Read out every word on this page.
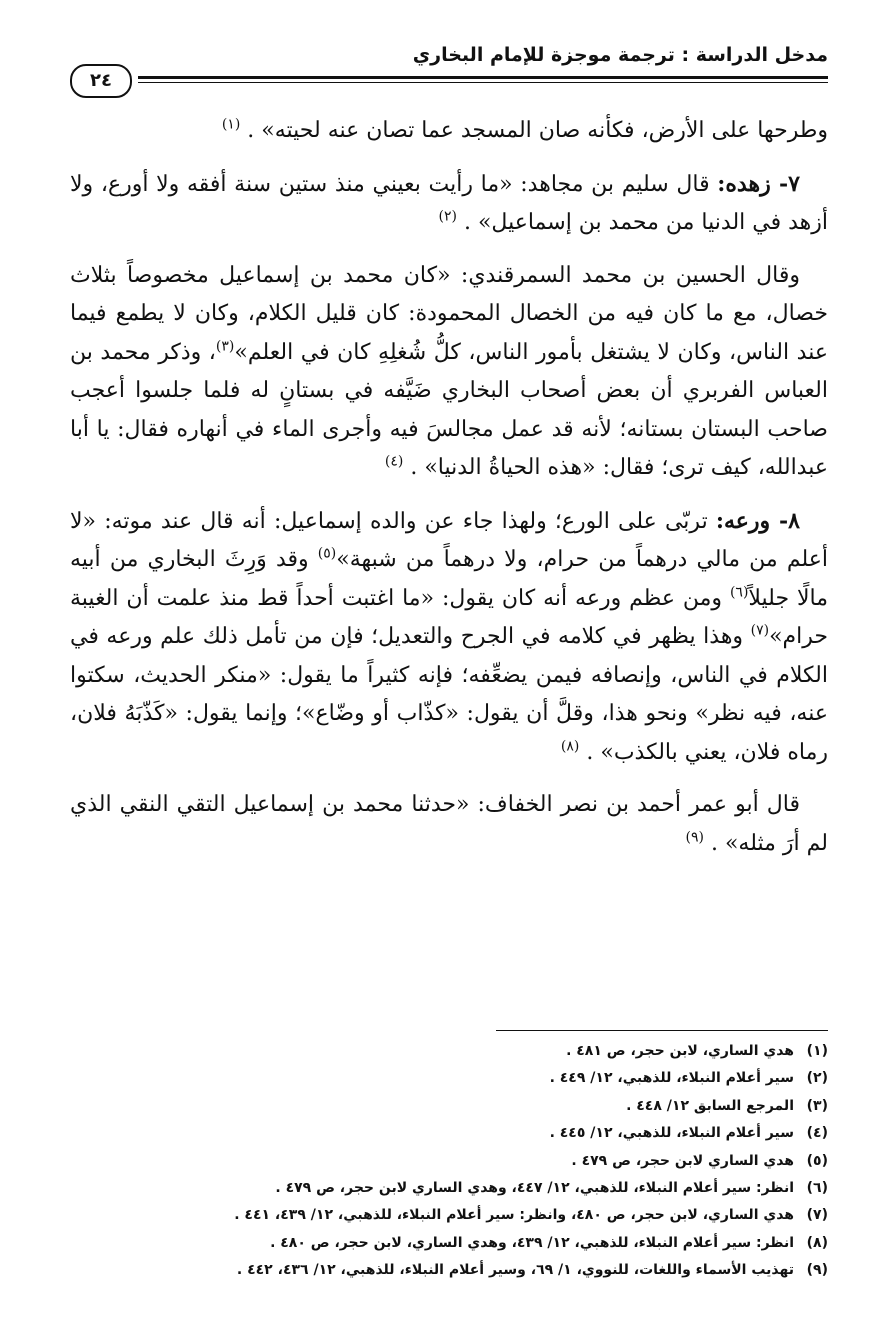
مدخل الدراسة : ترجمة موجزة للإمام البخاري
٢٤

وطرحها على الأرض، فكأنه صان المسجد عما تصان عنه لحيته» . $^{(١)}$

٧- زهده: قال سليم بن مجاهد: «ما رأيت بعيني منذ ستين سنة أفقه ولا أورع، ولا أزهد في الدنيا من محمد بن إسماعيل» . $^{(٢)}$

وقال الحسين بن محمد السمرقندي: «كان محمد بن إسماعيل مخصوصاً بثلاث خصال، مع ما كان فيه من الخصال المحمودة: كان قليل الكلام، وكان لا يطمع فيما عند الناس، وكان لا يشتغل بأمور الناس، كلُّ شُغلِهِ كان في العلم»$^{(٣)}$، وذكر محمد بن العباس الفربري أن بعض أصحاب البخاري ضَيَّفه في بستانٍ له فلما جلسوا أعجب صاحب البستان بستانه؛ لأنه قد عمل مجالسَ فيه وأجرى الماء في أنهاره فقال: يا أبا عبدالله، كيف ترى؛ فقال: «هذه الحياةُ الدنيا» . $^{(٤)}$

٨- ورعه: تربّى على الورع؛ ولهذا جاء عن والده إسماعيل: أنه قال عند موته: «لا أعلم من مالي درهماً من حرام، ولا درهماً من شبهة»$^{(٥)}$ وقد وَرِثَ البخاري من أبيه مالًا جليلاً$^{(٦)}$ ومن عظم ورعه أنه كان يقول: «ما اغتبت أحداً قط منذ علمت أن الغيبة حرام»$^{(٧)}$ وهذا يظهر في كلامه في الجرح والتعديل؛ فإن من تأمل ذلك علم ورعه في الكلام في الناس، وإنصافه فيمن يضعِّفه؛ فإنه كثيراً ما يقول: «منكر الحديث، سكتوا عنه، فيه نظر» ونحو هذا، وقلَّ أن يقول: «كذّاب أو وضّاع»؛ وإنما يقول: «كَذّبَهُ فلان، رماه فلان، يعني بالكذب» . $^{(٨)}$

قال أبو عمر أحمد بن نصر الخفاف: «حدثنا محمد بن إسماعيل التقي النقي الذي لم أرَ مثله» . $^{(٩)}$

(١)هدي الساري، لابن حجر، ص ٤٨١ .
(٢)سير أعلام النبلاء، للذهبي، ١٢/ ٤٤٩ .
(٣)المرجع السابق ١٢/ ٤٤٨ .
(٤)سير أعلام النبلاء، للذهبي، ١٢/ ٤٤٥ .
(٥)هدي الساري لابن حجر، ص ٤٧٩ .
(٦)انظر: سير أعلام النبلاء، للذهبي، ١٢/ ٤٤٧، وهدي الساري لابن حجر، ص ٤٧٩ .
(٧)هدي الساري، لابن حجر، ص ٤٨٠، وانظر: سير أعلام النبلاء، للذهبي، ١٢/ ٤٣٩، ٤٤١ .
(٨)انظر: سير أعلام النبلاء، للذهبي، ١٢/ ٤٣٩، وهدي الساري، لابن حجر، ص ٤٨٠ .
(٩)تهذيب الأسماء واللغات، للنووي، ١/ ٦٩، وسير أعلام النبلاء، للذهبي، ١٢/ ٤٣٦، ٤٤٢ .
